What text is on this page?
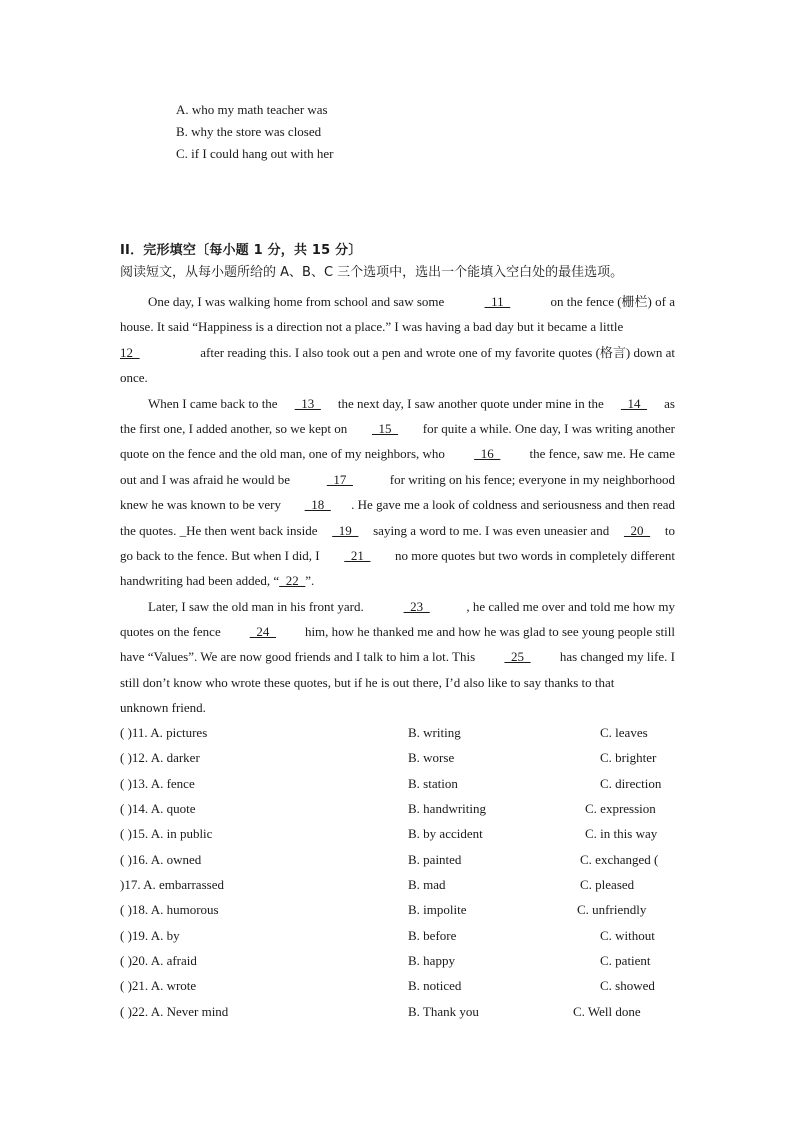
A. who my math teacher was
B. why the store was closed
C. if I could hang out with her
II．完形填空〔每小题 1 分，共 15 分〕
阅读短文，从每小题所给的 A、B、C 三个选项中，选出一个能填入空白处的最佳选项。
One day, I was walking home from school and saw some	_11_	on the fence (栅栏) of a
house. It said “Happiness is a direction not a place.” I was having a bad day but it became a little
12_	after reading this. I also took out a pen and wrote one of my favorite quotes (格言) down at
once.
When I came back to the _13_ the next day, I saw another quote under mine in the _14_ as
the first one, I added another, so we kept on _15_ for quite a while. One day, I was writing another
quote on the fence and the old man, one of my neighbors, who _16_ the fence, saw me. He came
out and I was afraid he would be	_17_	for writing on his fence; everyone in my neighborhood
knew he was known to be very _18_ . He gave me a look of coldness and seriousness and then read
the quotes. _He then went back inside _19_ saying a word to me. I was even uneasier and _20_ to
go back to the fence. But when I did, I _21_ no more quotes but two words in completely different
handwriting had been added, “ _22_ ”.
Later, I saw the old man in his front yard.	_23_	, he called me over and told me how my
quotes on the fence _24_ him, how he thanked me and how he was glad to see young people still
have “Values”. We are now good friends and I talk to him a lot. This _25_ has changed my life. I
still don’t know who wrote these quotes, but if he is out there, I’d also like to say thanks to that
unknown friend.
( )11. A. pictures	B. writing	C. leaves
( )12. A. darker	B. worse	C. brighter
( )13. A. fence	B. station	C. direction
( )14. A. quote	B. handwriting	C. expression
( )15. A. in public	B. by accident	C. in this way
( )16. A. owned	B. painted	C. exchanged (
)17. A. embarrassed	B. mad	C. pleased
( )18. A. humorous	B. impolite	C. unfriendly
( )19. A. by	B. before	C. without
( )20. A. afraid	B. happy	C. patient
( )21. A. wrote	B. noticed	C. showed
( )22. A. Never mind	B. Thank you	C. Well done
